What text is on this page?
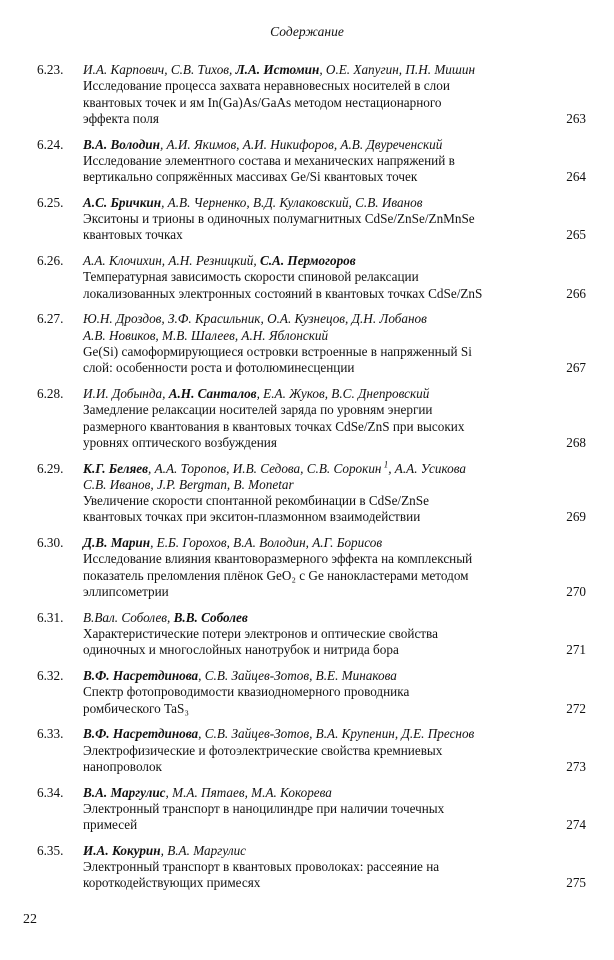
Содержание
6.23. И.А. Карпович, С.В. Тихов, Л.А. Истомин, О.Е. Хапугин, П.Н. Мишин
Исследование процесса захвата неравновесных носителей в слои
квантовых точек и ям In(Ga)As/GaAs методом нестационарного
эффекта поля	263
6.24. В.А. Володин, А.И. Якимов, А.И. Никифоров, А.В. Двуреченский
Исследование элементного состава и механических напряжений в
вертикально сопряжённых массивах Ge/Si квантовых точек	264
6.25. А.С. Бричкин, А.В. Черненко, В.Д. Кулаковский, С.В. Иванов
Экситоны и трионы в одиночных полумагнитных CdSe/ZnSe/ZnMnSe
квантовых точках	265
6.26. А.А. Клочихин, А.Н. Резницкий, С.А. Пермогоров
Температурная зависимость скорости спиновой релаксации
локализованных электронных состояний в квантовых точках CdSe/ZnS	266
6.27. Ю.Н. Дроздов, З.Ф. Красильник, О.А. Кузнецов, Д.Н. Лобанов
А.В. Новиков, М.В. Шалеев, А.Н. Яблонский
Ge(Si) самоформирующиеся островки встроенные в напряженный Si
слой: особенности роста и фотолюминесценции	267
6.28. И.И. Добында, А.Н. Санталов, Е.А. Жуков, В.С. Днепровский
Замедление релаксации носителей заряда по уровням энергии
размерного квантования в квантовых точках CdSe/ZnS при высоких
уровнях оптического возбуждения	268
6.29. К.Г. Беляев, А.А. Торопов, И.В. Седова, С.В. Сорокин $^1$, А.А. Усикова
С.В. Иванов, J.P. Bergman, B. Monetar
Увеличение скорости спонтанной рекомбинации в CdSe/ZnSe
квантовых точках при экситон-плазмонном взаимодействии	269
6.30. Д.В. Марин, Е.Б. Горохов, В.А. Володин, А.Г. Борисов
Исследование влияния квантоворазмерного эффекта на комплексный
показатель преломления плёнок GeO₂ с Ge нанокластерами методом
эллипсометрии	270
6.31. В.Вал. Соболев, В.В. Соболев
Характеристические потери электронов и оптические свойства
одиночных и многослойных нанотрубок и нитрида бора	271
6.32. В.Ф. Насретдинова, С.В. Зайцев-Зотов, В.Е. Минакова
Спектр фотопроводимости квазиодномерного проводника
ромбического TaS₃	272
6.33. В.Ф. Насретдинова, С.В. Зайцев-Зотов, В.А. Крупенин, Д.Е. Преснов
Электрофизические и фотоэлектрические свойства кремниевых
нанопроволок	273
6.34. В.А. Маргулис, М.А. Пятаев, М.А. Кокорева
Электронный транспорт в наноцилиндре при наличии точечных
примесей	274
6.35. И.А. Кокурин, В.А. Маргулис
Электронный транспорт в квантовых проволоках: рассеяние на
короткодействующих примесях	275
22
